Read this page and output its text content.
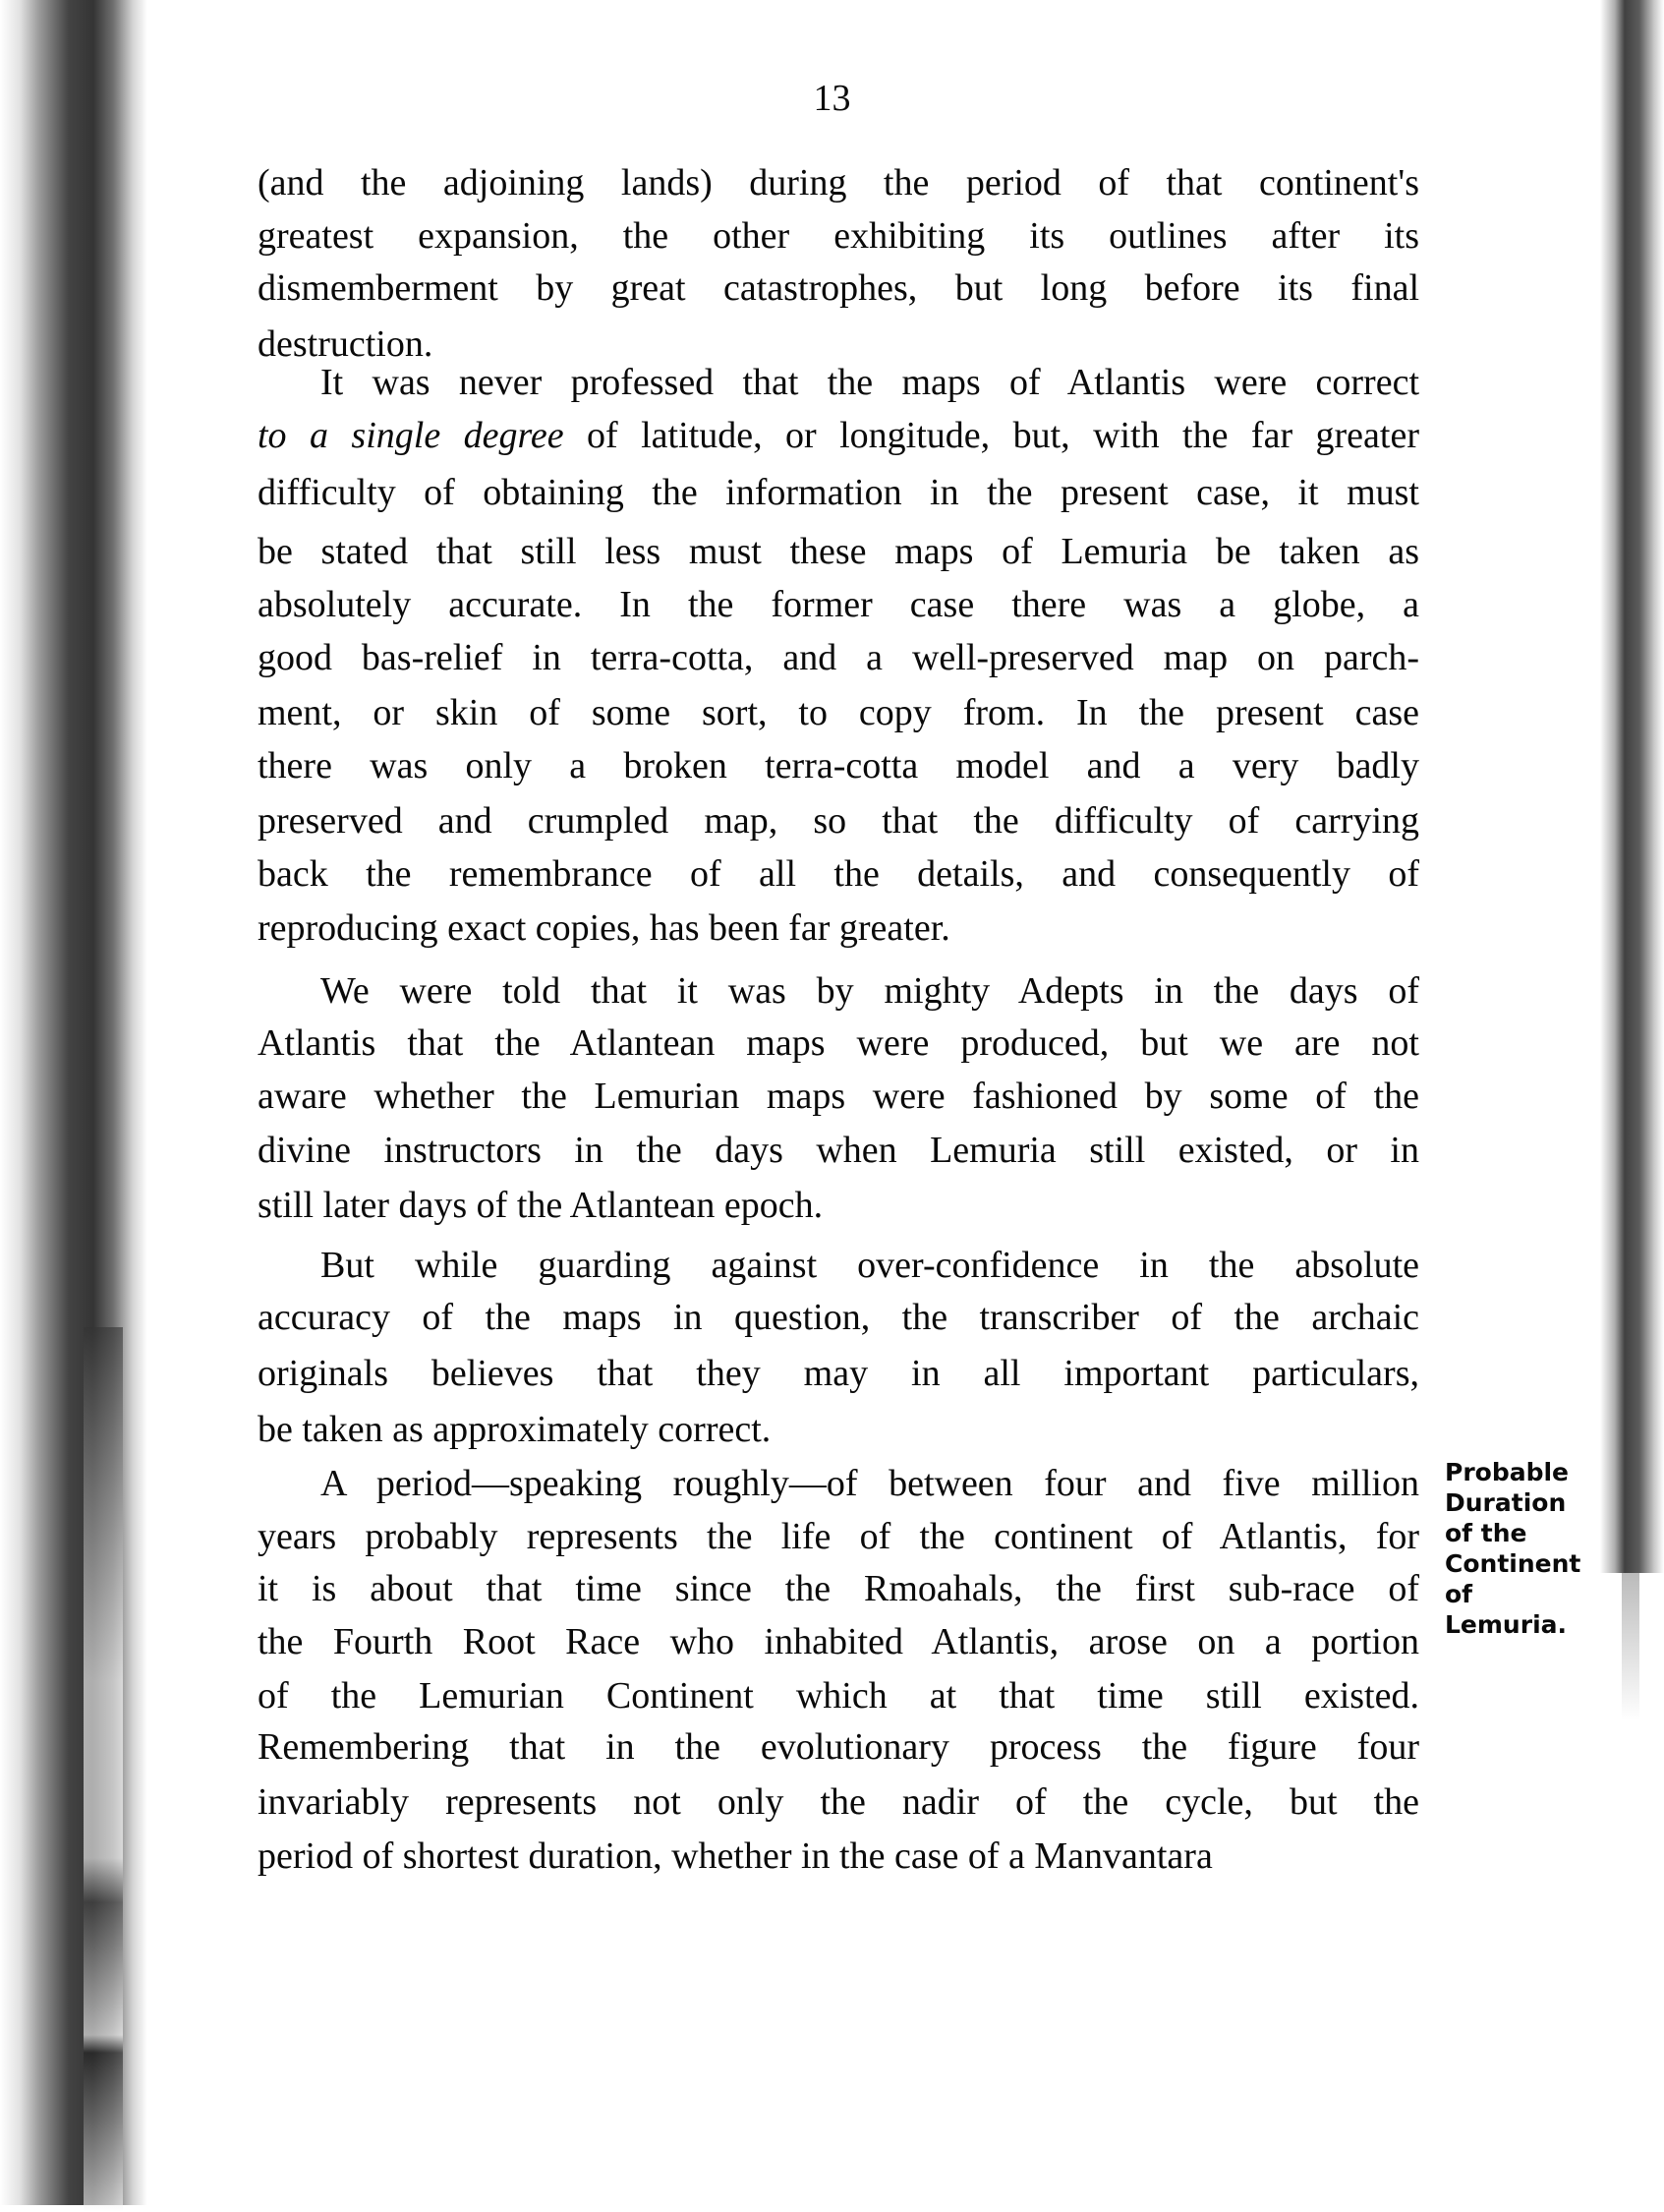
13
(and the adjoining lands) during the period of that continent's
greatest expansion, the other exhibiting its outlines after its
dismemberment by great catastrophes, but long before its final
destruction.
It was never professed that the maps of Atlantis were correct
to a single degree of latitude, or longitude, but, with the far greater
difficulty of obtaining the information in the present case, it must
be stated that still less must these maps of Lemuria be taken as
absolutely accurate. In the former case there was a globe, a
good bas-relief in terra-cotta, and a well-preserved map on parch-
ment, or skin of some sort, to copy from. In the present case
there was only a broken terra-cotta model and a very badly
preserved and crumpled map, so that the difficulty of carrying
back the remembrance of all the details, and consequently of
reproducing exact copies, has been far greater.
We were told that it was by mighty Adepts in the days of
Atlantis that the Atlantean maps were produced, but we are not
aware whether the Lemurian maps were fashioned by some of the
divine instructors in the days when Lemuria still existed, or in
still later days of the Atlantean epoch.
But while guarding against over-confidence in the absolute
accuracy of the maps in question, the transcriber of the archaic
originals believes that they may in all important particulars,
be taken as approximately correct.
A period—speaking roughly—of between four and five million
years probably represents the life of the continent of Atlantis, for
it is about that time since the Rmoahals, the first sub-race of
the Fourth Root Race who inhabited Atlantis, arose on a portion
of the Lemurian Continent which at that time still existed.
Remembering that in the evolutionary process the figure four
invariably represents not only the nadir of the cycle, but the
period of shortest duration, whether in the case of a Manvantara
Probable
Duration
of the
Continent
of
Lemuria.
